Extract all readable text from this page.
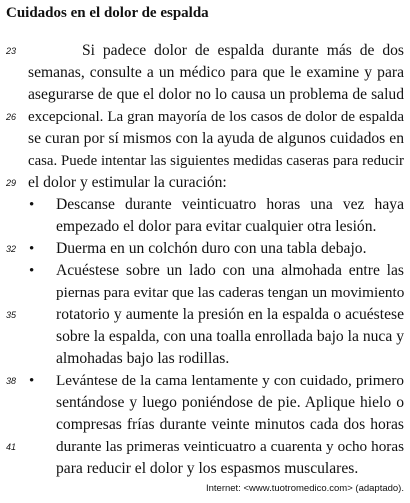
Cuidados en el dolor de espalda
23
26
29
32
35
38
41
Si padece dolor de espalda durante más de dos
semanas, consulte a un médico para que le examine y para
asegurarse de que el dolor no lo causa un problema de salud
excepcional. La gran mayoría de los casos de dolor de espalda
se curan por sí mismos con la ayuda de algunos cuidados en
casa. Puede intentar las siguientes medidas caseras para reducir
el dolor y estimular la curación:
• Descanse durante veinticuatro horas una vez haya
empezado el dolor para evitar cualquier otra lesión.
• Duerma en un colchón duro con una tabla debajo.
• Acuéstese sobre un lado con una almohada entre las
piernas para evitar que las caderas tengan un movimiento
rotatorio y aumente la presión en la espalda o acuéstese
sobre la espalda, con una toalla enrollada bajo la nuca y
almohadas bajo las rodillas.
• Levántese de la cama lentamente y con cuidado, primero
sentándose y luego poniéndose de pie. Aplique hielo o
compresas frías durante veinte minutos cada dos horas
durante las primeras veinticuatro a cuarenta y ocho horas
para reducir el dolor y los espasmos musculares.
Internet: <www.tuotromedico.com> (adaptado).
